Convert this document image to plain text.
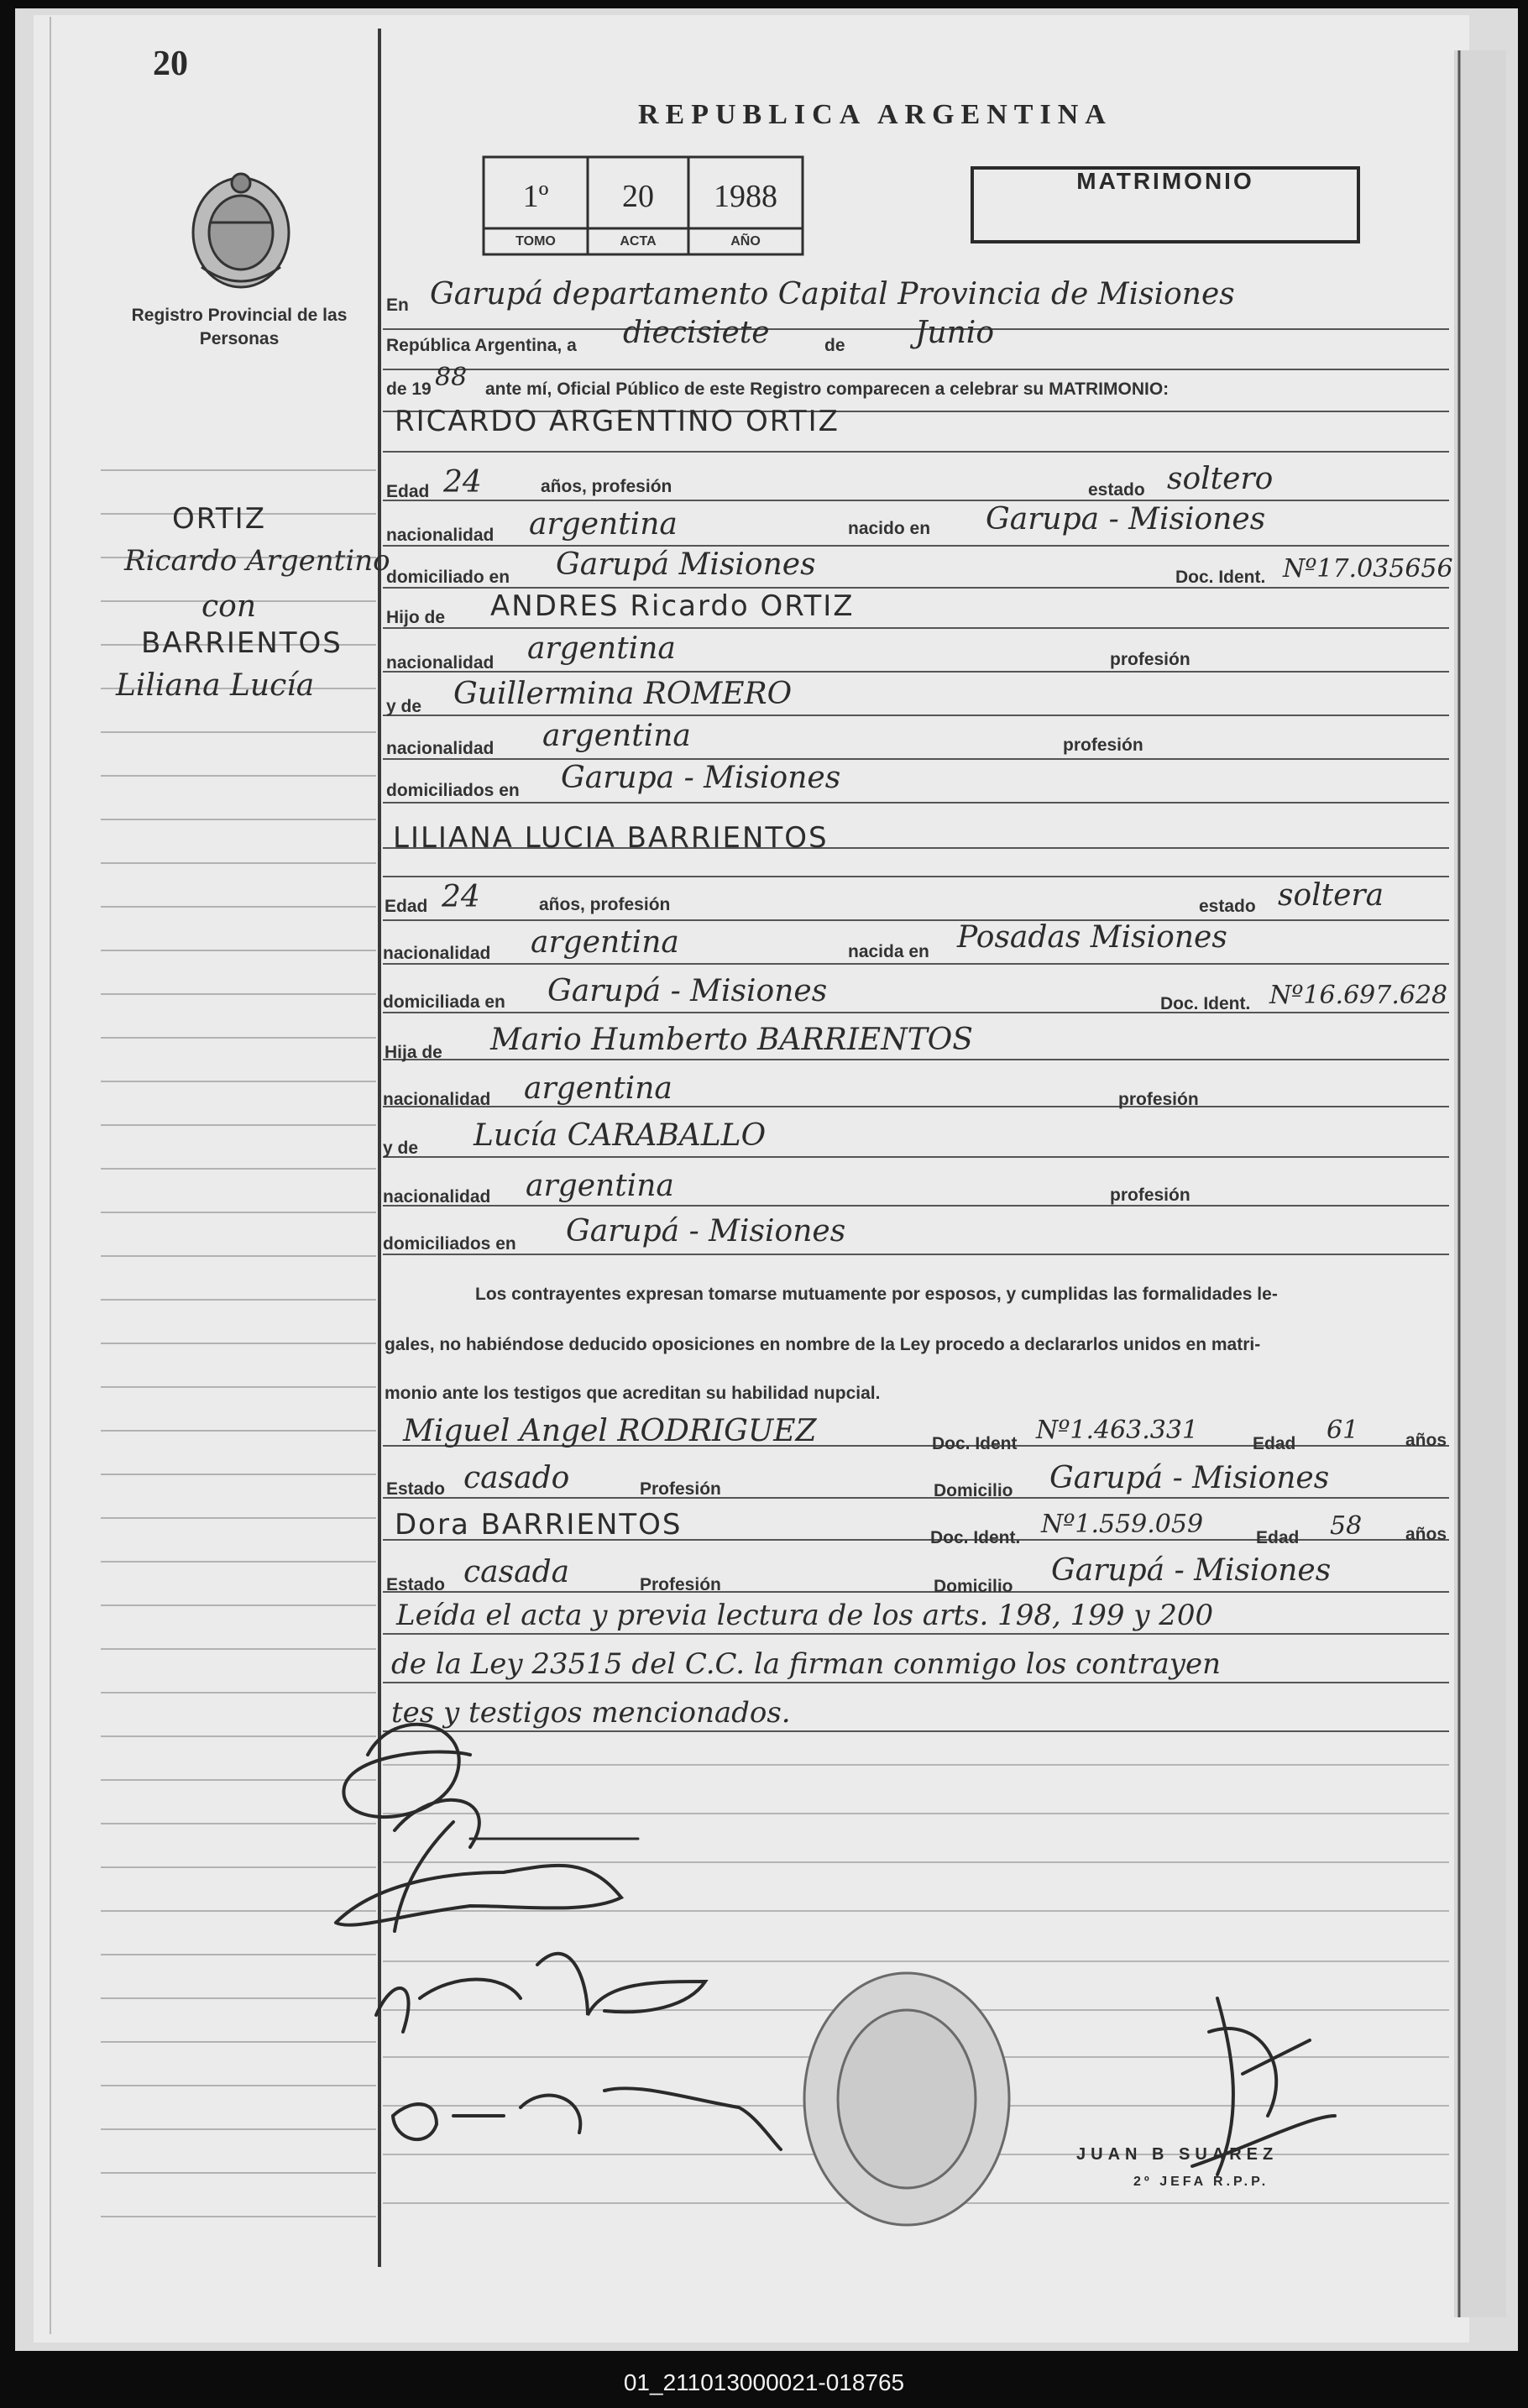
20
REPUBLICA ARGENTINA
Registro Provincial de las Personas
1º	20	1988
TOMO	ACTA	AÑO
MATRIMONIO
ORTIZ
Ricardo Argentino
con
BARRIENTOS
Liliana Lucía
En Garupá departamento Capital Provincia de Misiones
República Argentina, a diecisiete	de Junio
de 19 88 ante mí, Oficial Público de este Registro comparecen a celebrar su MATRIMONIO:
RICARDO ARGENTINO ORTIZ
Edad 24	años, profesión	estado soltero
nacionalidad argentina	nacido en Garupa - Misiones
domiciliado en Garupá Misiones	Doc. Ident. Nº17.035656
Hijo de ANDRES Ricardo ORTIZ
nacionalidad argentina	profesión
y de Guillermina ROMERO
nacionalidad argentina	profesión
domiciliados en Garupa - Misiones
LILIANA LUCIA BARRIENTOS
Edad 24	años, profesión	estado soltera
nacionalidad argentina	nacida en Posadas Misiones
domiciliada en Garupá - Misiones	Doc. Ident. Nº16.697.628
Hija de Mario Humberto BARRIENTOS
nacionalidad argentina	profesión
y de Lucía CARABALLO
nacionalidad argentina	profesión
domiciliados en Garupá - Misiones
Los contrayentes expresan tomarse mutuamente por esposos, y cumplidas las formalidades le-
gales, no habiéndose deducido oposiciones en nombre de la Ley procedo a declararlos unidos en matri-
monio ante los testigos que acreditan su habilidad nupcial.
Miguel Angel RODRIGUEZ	Doc. Ident Nº1.463.331	Edad 61	años
Estado casado	Profesión	Domicilio Garupá - Misiones
Dora BARRIENTOS	Doc. Ident. Nº1.559.059	Edad 58 años
Estado casada	Profesión	Domicilio Garupá - Misiones
Leída el acta y previa lectura de los arts. 198, 199 y 200
de la Ley 23515 del C.C. la firman conmigo los contrayen
tes y testigos mencionados.
JUAN B SUAREZ
2º JEFA R.P.P.
01_211013000021-018765
